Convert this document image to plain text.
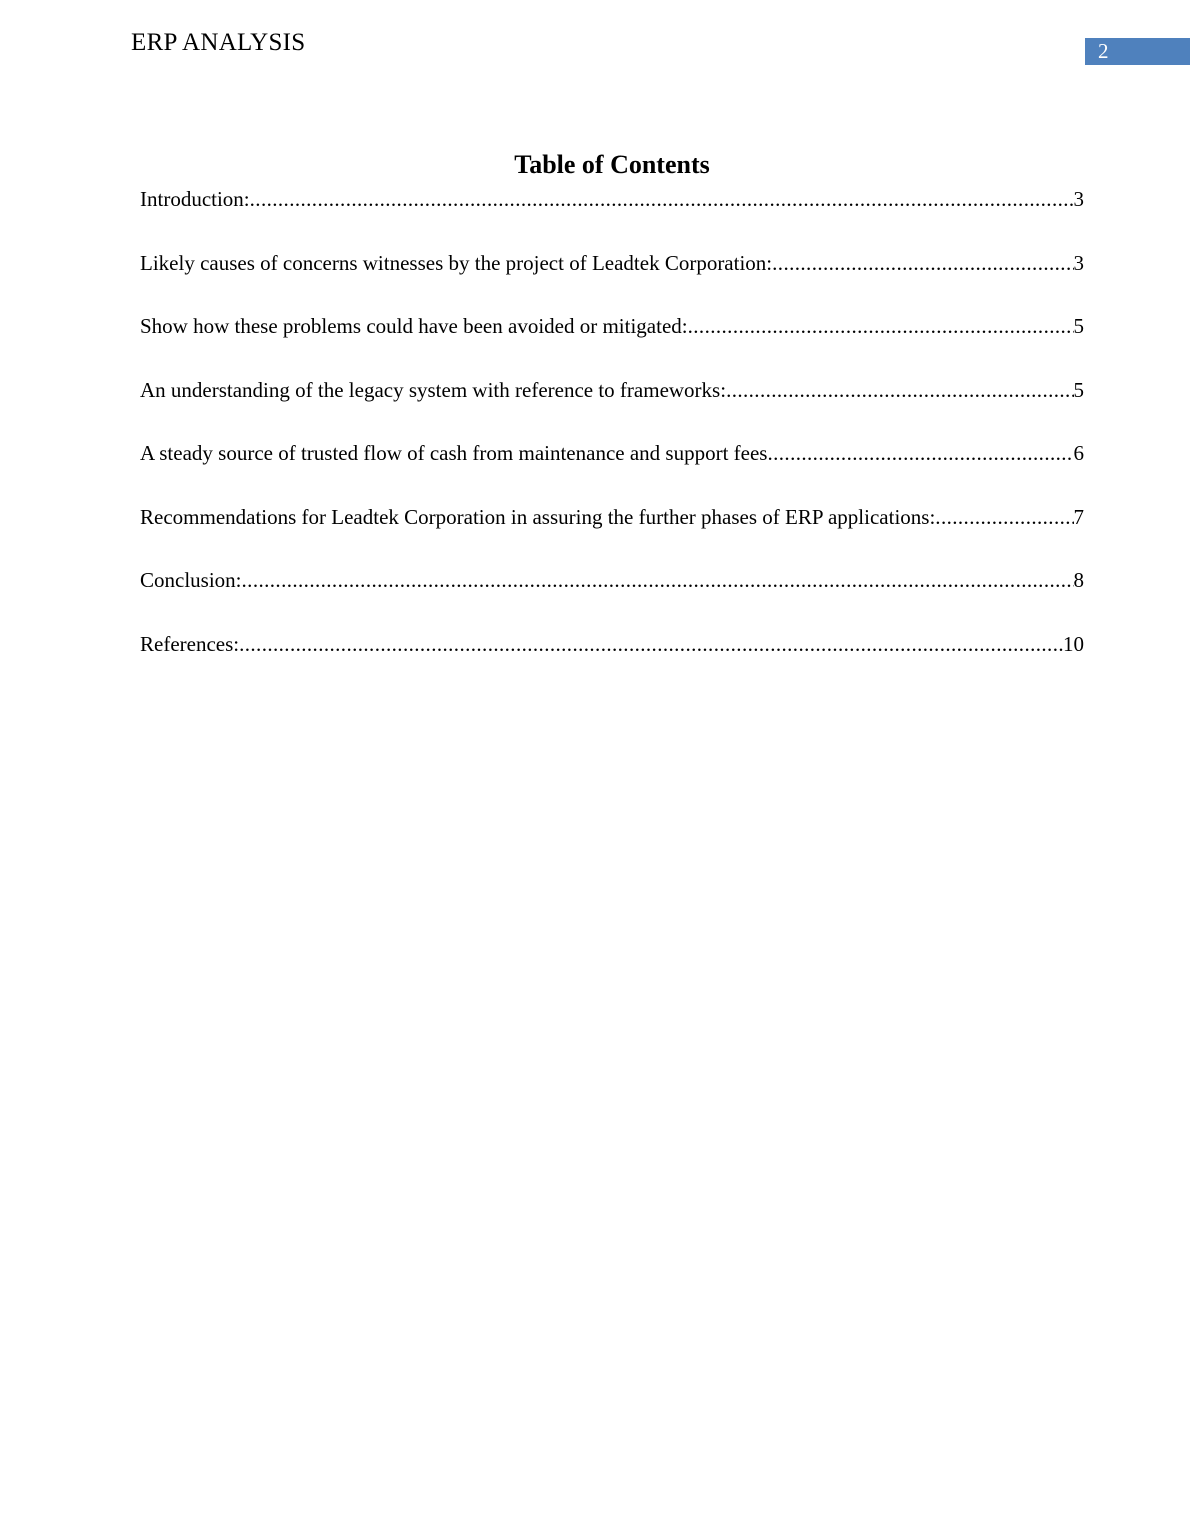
ERP ANALYSIS	2
Table of Contents
Introduction: .....	3
Likely causes of concerns witnesses by the project of Leadtek Corporation: .....	3
Show how these problems could have been avoided or mitigated: .....	5
An understanding of the legacy system with reference to frameworks: .....	5
A steady source of trusted flow of cash from maintenance and support fees .....	6
Recommendations for Leadtek Corporation in assuring the further phases of ERP applications: .....	7
Conclusion: .....	8
References: .....	10
